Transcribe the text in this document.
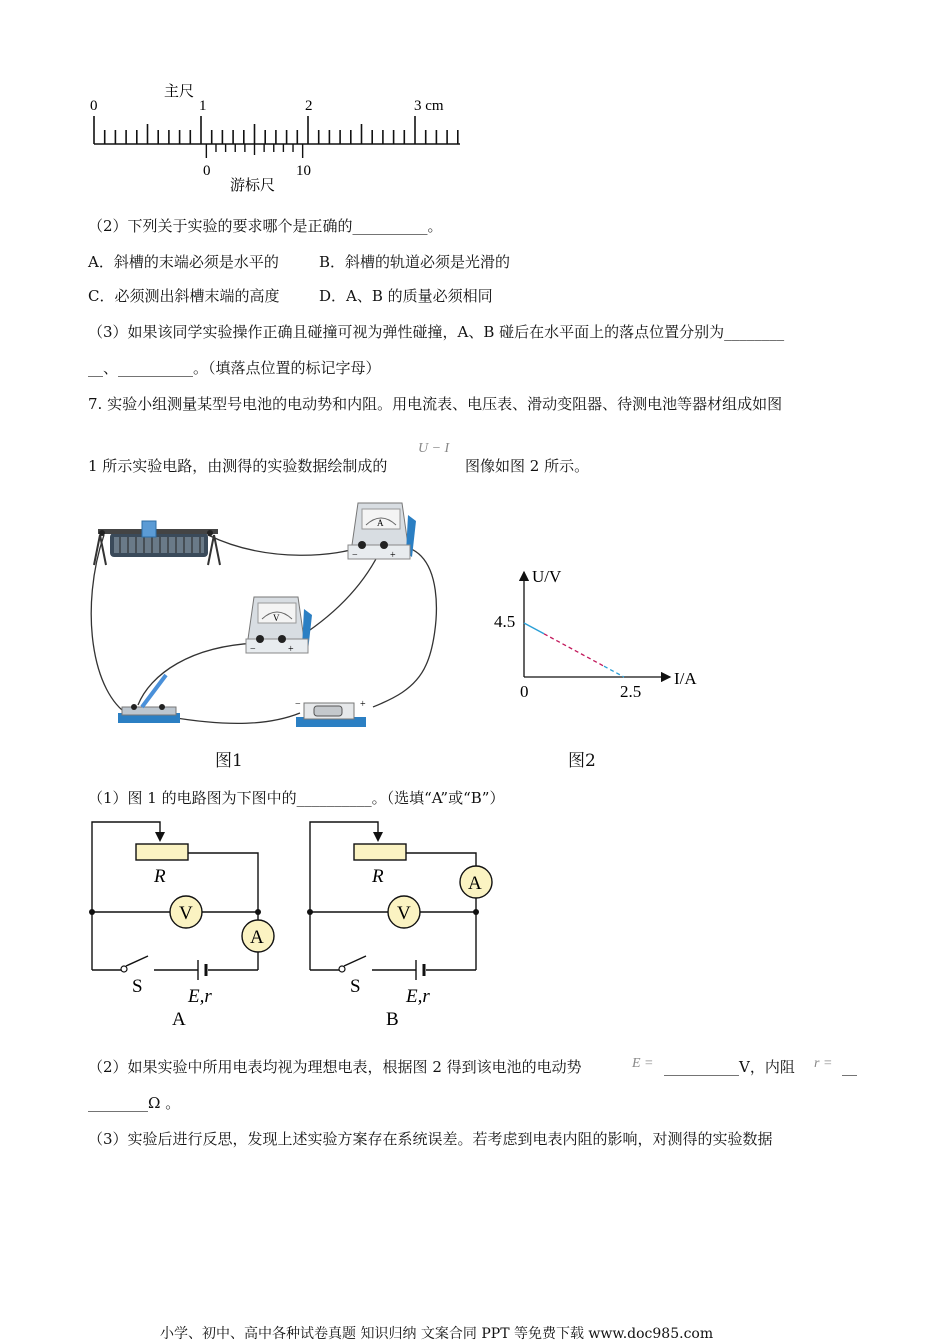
主尺
0	1	2	3 cm
0	10
游标尺
（2）下列关于实验的要求哪个是正确的__________。
A．斜槽的末端必须是水平的	B．斜槽的轨道必须是光滑的
C．必须测出斜槽末端的高度	D．A、B 的质量必须相同
（3）如果该同学实验操作正确且碰撞可视为弹性碰撞，A、B 碰后在水平面上的落点位置分别为________
__、__________。（填落点位置的标记字母）
7. 实验小组测量某型号电池的电动势和内阻。用电流表、电压表、滑动变阻器、待测电池等器材组成如图
1 所示实验电路，由测得的实验数据绘制成的
U − I
图像如图 2 所示。
A
−	+
V
−	+
−	+
U/V
I/A
4.5
0	2.5
图1	图2
（1）图 1 的电路图为下图中的__________。（选填“A”或“B”）
R
V
A
S E,r
A
R
V
A
S E,r
B
（2）如果实验中所用电表均视为理想电表，根据图 2 得到该电池的电动势	E = __________V，内阻 r = __
________Ω 。
（3）实验后进行反思，发现上述实验方案存在系统误差。若考虑到电表内阻的影响，对测得的实验数据
小学、初中、高中各种试卷真题 知识归纳 文案合同 PPT 等免费下载 www.doc985.com
